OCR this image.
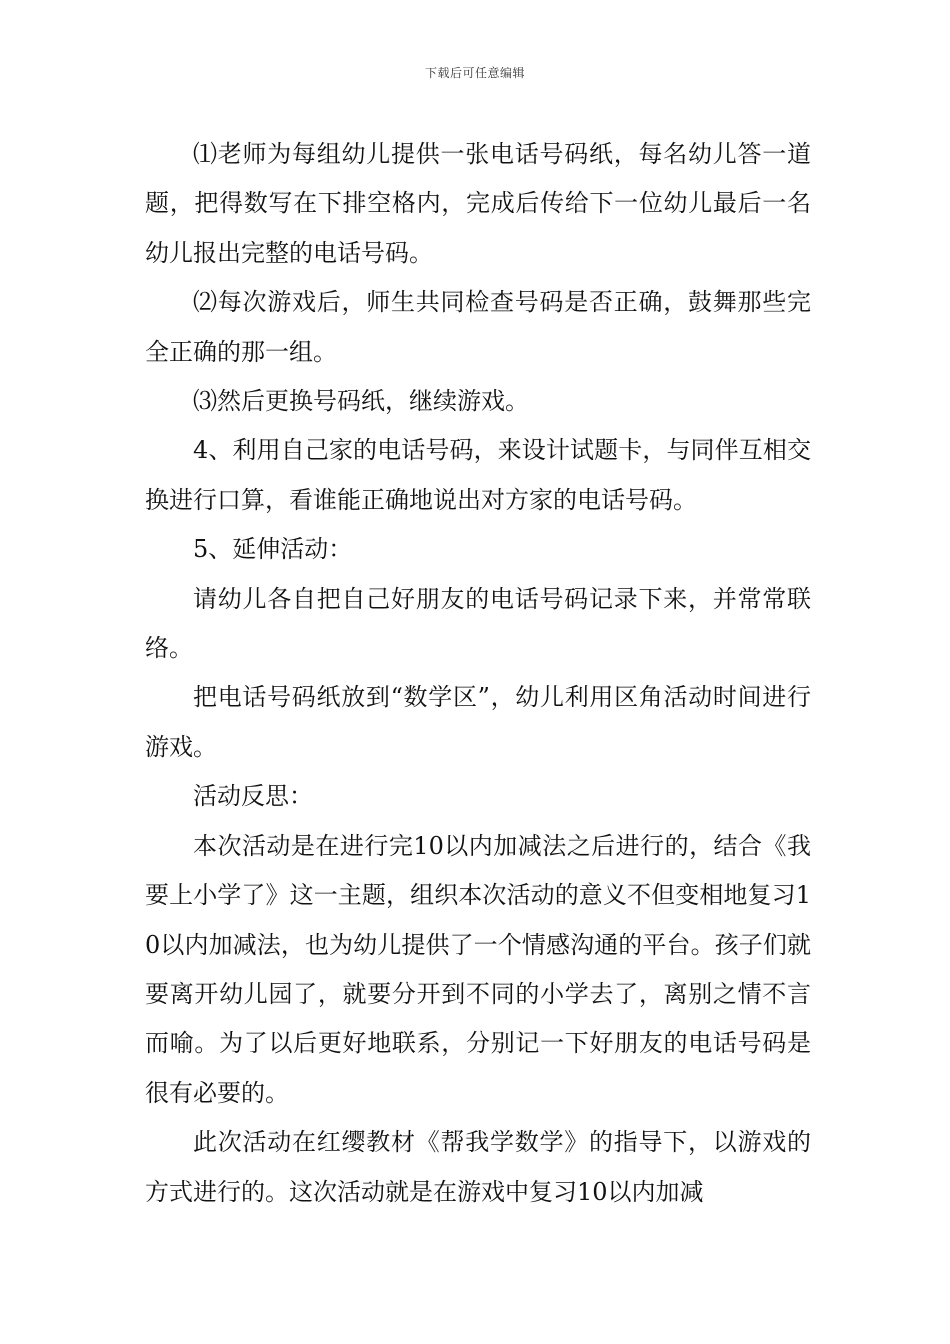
下载后可任意编辑

⑴老师为每组幼儿提供一张电话号码纸，每名幼儿答一道题，把得数写在下排空格内，完成后传给下一位幼儿最后一名幼儿报出完整的电话号码。

⑵每次游戏后，师生共同检查号码是否正确，鼓舞那些完全正确的那一组。

⑶然后更换号码纸，继续游戏。

4、利用自己家的电话号码，来设计试题卡，与同伴互相交换进行口算，看谁能正确地说出对方家的电话号码。

5、延伸活动：

请幼儿各自把自己好朋友的电话号码记录下来，并常常联络。

把电话号码纸放到“数学区”，幼儿利用区角活动时间进行游戏。

活动反思：

本次活动是在进行完10以内加减法之后进行的，结合《我要上小学了》这一主题，组织本次活动的意义不但变相地复习10以内加减法，也为幼儿提供了一个情感沟通的平台。孩子们就要离开幼儿园了，就要分开到不同的小学去了，离别之情不言而喻。为了以后更好地联系，分别记一下好朋友的电话号码是很有必要的。

此次活动在红缨教材《帮我学数学》的指导下，以游戏的方式进行的。这次活动就是在游戏中复习10以内加减
